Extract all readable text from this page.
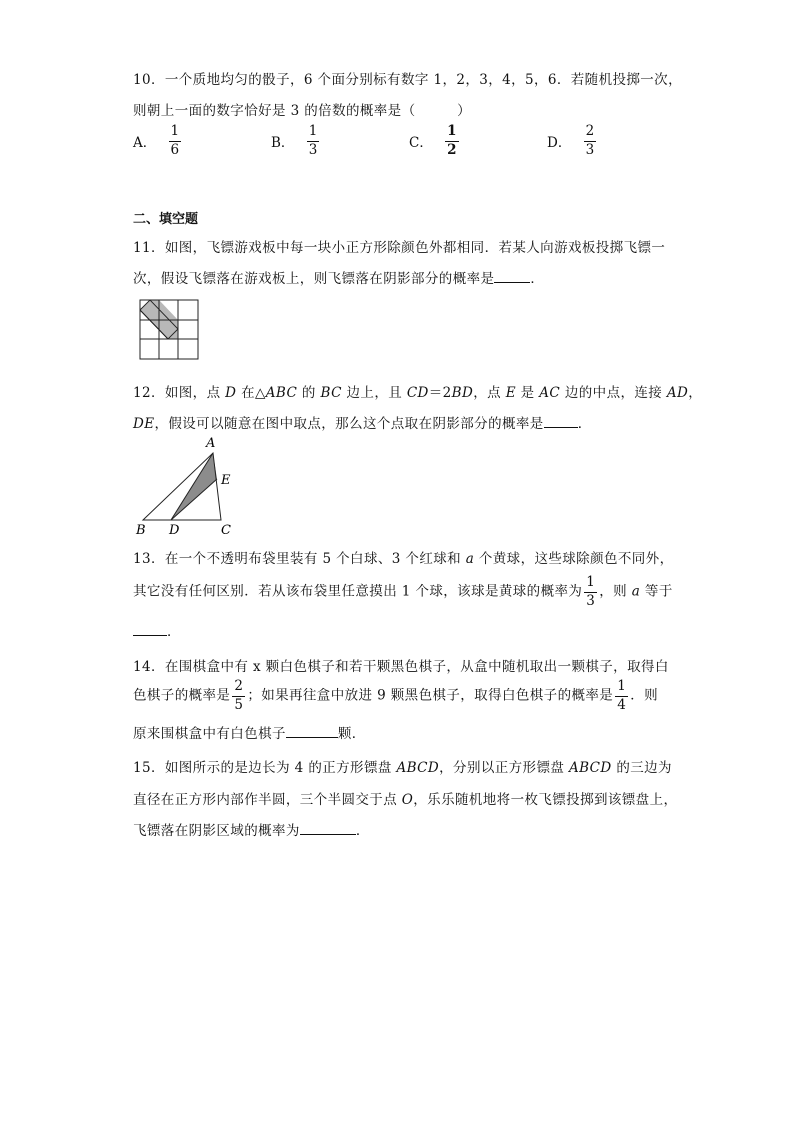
10．一个质地均匀的骰子，6 个面分别标有数字 1，2，3，4，5，6．若随机投掷一次，
则朝上一面的数字恰好是 3 的倍数的概率是（　　　）
A． $\frac{1}{6}$	B． $\frac{1}{3}$	C． $\frac{1}{2}$	D． $\frac{2}{3}$
二、填空题
11．如图，飞镖游戏板中每一块小正方形除颜色外都相同．若某人向游戏板投掷飞镖一
次，假设飞镖落在游戏板上，则飞镖落在阴影部分的概率是	．
12．如图，点 D 在△ABC 的 BC 边上，且 CD＝2BD，点 E 是 AC 边的中点，连接 AD，
DE，假设可以随意在图中取点，那么这个点取在阴影部分的概率是	．
A
E
B D	C
13．在一个不透明布袋里装有 5 个白球、3 个红球和 a 个黄球，这些球除颜色不同外，
其它没有任何区别．若从该布袋里任意摸出 1 个球，该球是黄球的概率为 $\frac{1}{3}$ ，则 a 等于
．
14．在围棋盒中有 x 颗白色棋子和若干颗黑色棋子，从盒中随机取出一颗棋子，取得白
色棋子的概率是 $\frac{2}{5}$ ；如果再往盒中放进 9 颗黑色棋子，取得白色棋子的概率是 $\frac{1}{4}$ ．则
原来围棋盒中有白色棋子	颗．
15．如图所示的是边长为 4 的正方形镖盘 ABCD，分别以正方形镖盘 ABCD 的三边为
直径在正方形内部作半圆，三个半圆交于点 O，乐乐随机地将一枚飞镖投掷到该镖盘上，
飞镖落在阴影区域的概率为	．
